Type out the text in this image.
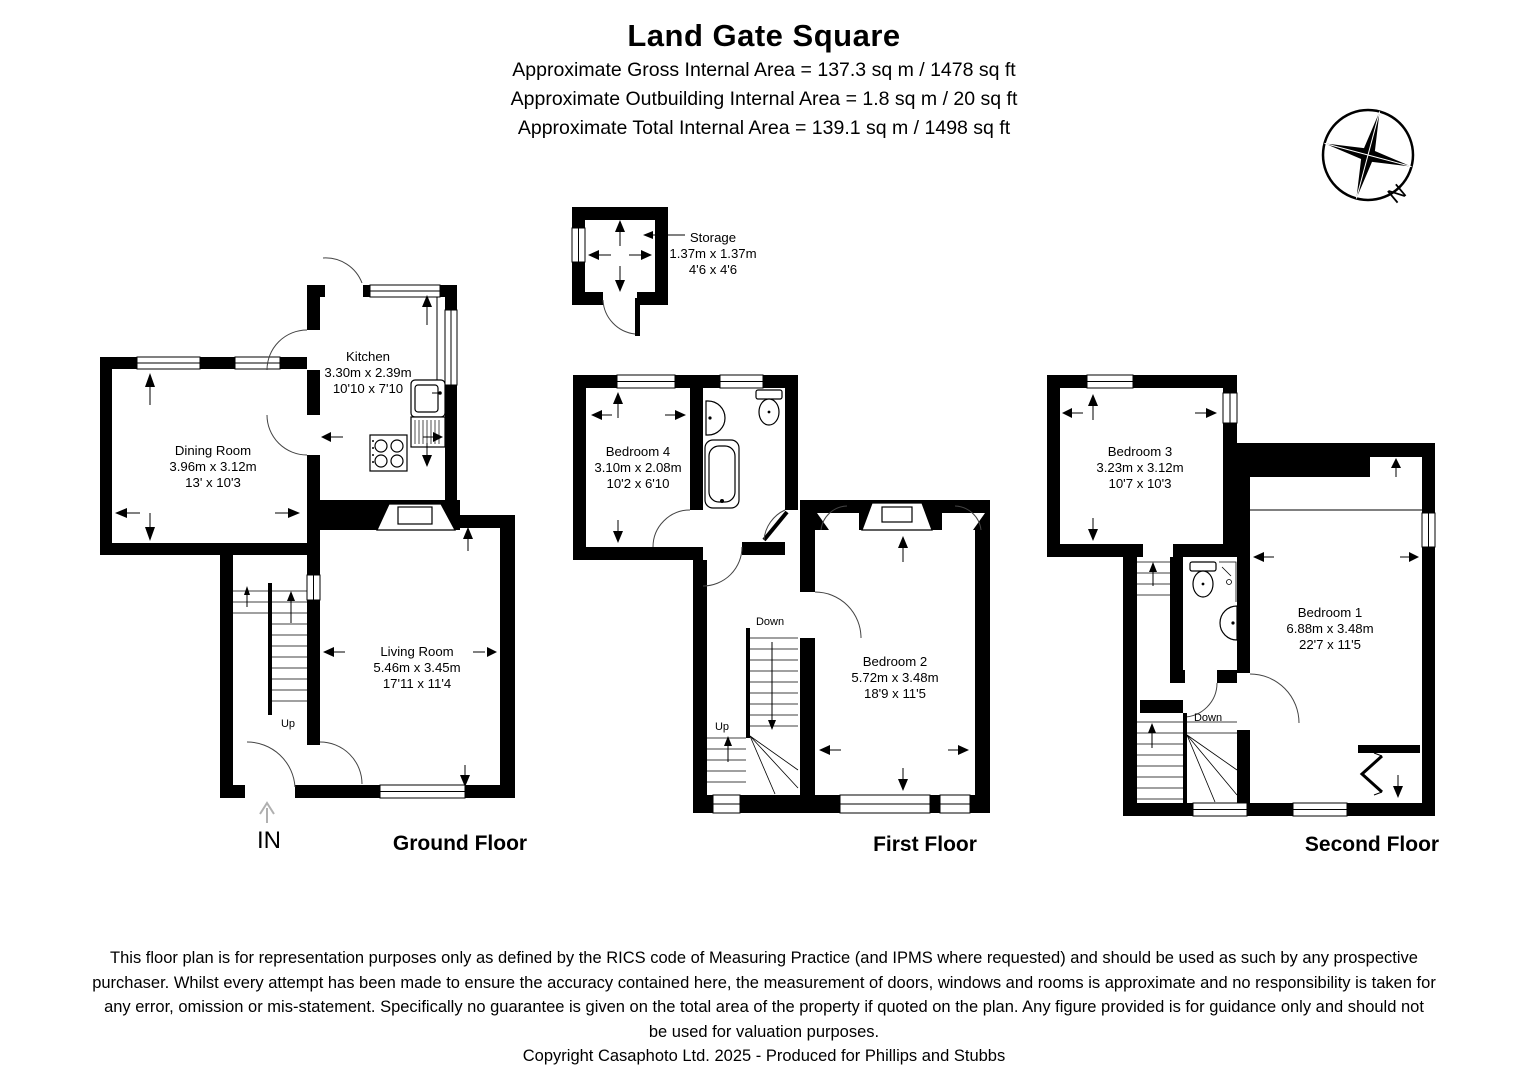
Land Gate Square
Approximate Gross Internal Area = 137.3 sq m / 1478 sq ft
Approximate Outbuilding Internal Area = 1.8 sq m / 20 sq ft
Approximate Total Internal Area = 139.1 sq m / 1498 sq ft
N
Storage
1.37m x 1.37m
4'6 x 4'6
Up
Dining Room
3.96m x 3.12m
13' x 10'3
Kitchen
3.30m x 2.39m
10'10 x 7'10
Living Room
5.46m x 3.45m
17'11 x 11'4
IN	Ground Floor
Down
Up
Bedroom 4
3.10m x 2.08m
10'2 x 6'10
Bedroom 2
5.72m x 3.48m
18'9 x 11'5
First Floor
Down
Bedroom 3
3.23m x 3.12m
10'7 x 10'3
Bedroom 1
6.88m x 3.48m
22'7 x 11'5
Second Floor
This floor plan is for representation purposes only as defined by the RICS code of Measuring Practice (and IPMS where requested) and should be used as such by any prospective
purchaser. Whilst every attempt has been made to ensure the accuracy contained here, the measurement of doors, windows and rooms is approximate and no responsibility is taken for
any error, omission or mis-statement. Specifically no guarantee is given on the total area of the property if quoted on the plan. Any figure provided is for guidance only and should not
be used for valuation purposes.
Copyright Casaphoto Ltd. 2025 - Produced for Phillips and Stubbs
